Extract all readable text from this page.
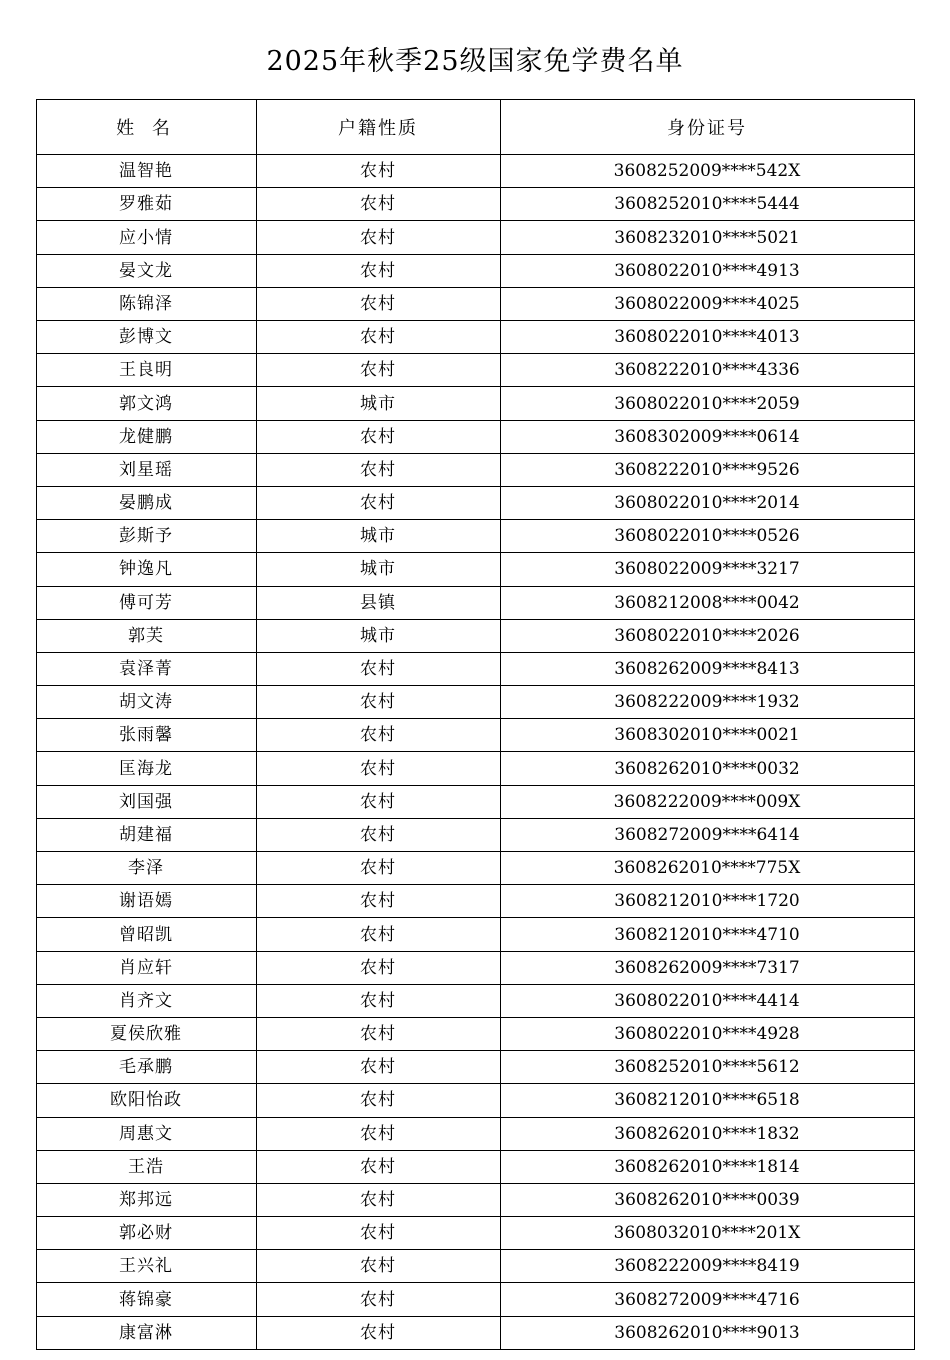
2025年秋季25级国家免学费名单
姓 名	户籍性质	身份证号
温智艳	农村	3608252009****542X
罗雅茹	农村	3608252010****5444
应小情	农村	3608232010****5021
晏文龙	农村	3608022010****4913
陈锦泽	农村	3608022009****4025
彭博文	农村	3608022010****4013
王良明	农村	3608222010****4336
郭文鸿	城市	3608022010****2059
龙健鹏	农村	3608302009****0614
刘星瑶	农村	3608222010****9526
晏鹏成	农村	3608022010****2014
彭斯予	城市	3608022010****0526
钟逸凡	城市	3608022009****3217
傅可芳	县镇	3608212008****0042
郭芙	城市	3608022010****2026
袁泽菁	农村	3608262009****8413
胡文涛	农村	3608222009****1932
张雨馨	农村	3608302010****0021
匡海龙	农村	3608262010****0032
刘国强	农村	3608222009****009X
胡建福	农村	3608272009****6414
李泽	农村	3608262010****775X
谢语嫣	农村	3608212010****1720
曾昭凯	农村	3608212010****4710
肖应轩	农村	3608262009****7317
肖齐文	农村	3608022010****4414
夏侯欣雅	农村	3608022010****4928
毛承鹏	农村	3608252010****5612
欧阳怡政	农村	3608212010****6518
周惠文	农村	3608262010****1832
王浩	农村	3608262010****1814
郑邦远	农村	3608262010****0039
郭必财	农村	3608032010****201X
王兴礼	农村	3608222009****8419
蒋锦豪	农村	3608272009****4716
康富淋	农村	3608262010****9013
